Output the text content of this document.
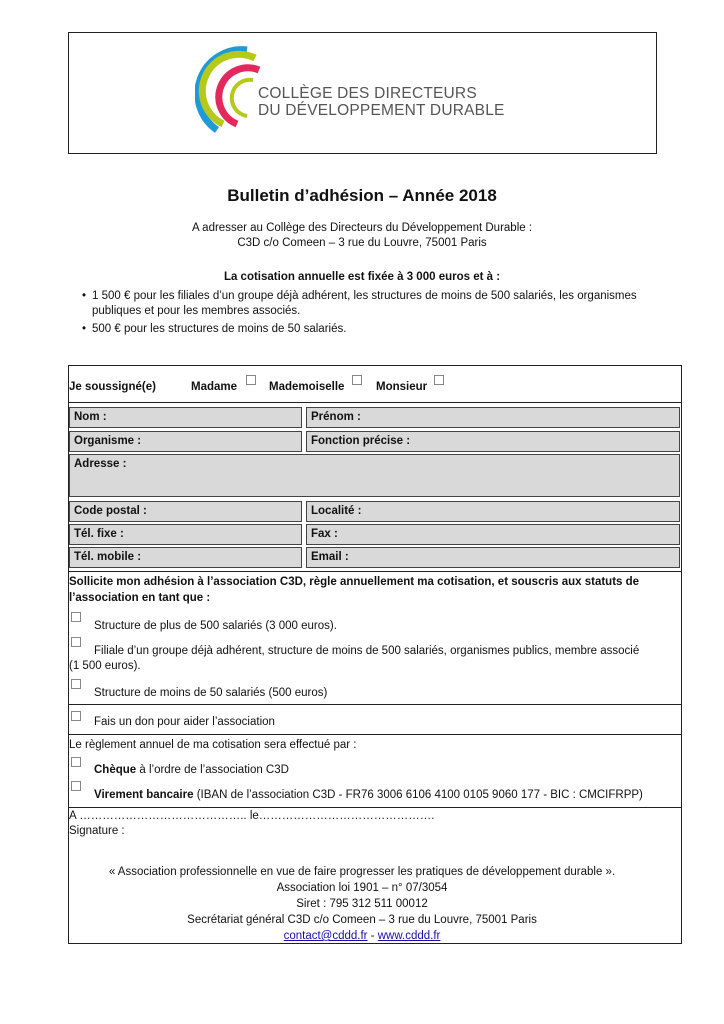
COLLÈGE DES DIRECTEURS
DU DÉVELOPPEMENT DURABLE
Bulletin d’adhésion – Année 2018
A adresser au Collège des Directeurs du Développement Durable :
C3D c/o Comeen – 3 rue du Louvre, 75001 Paris
La cotisation annuelle est fixée à 3 000 euros et à :
• 1 500 € pour les filiales d’un groupe déjà adhérent, les structures de moins de 500 salariés, les organismes publiques et pour les membres associés.
• 500 € pour les structures de moins de 50 salariés.
Je soussigné(e)	Madame	Mademoiselle	Monsieur
Nom :	Prénom :
Organisme :	Fonction précise :
Adresse :
Code postal :	Localité :
Tél. fixe :	Fax :
Tél. mobile :	Email :
Sollicite mon adhésion à l’association C3D, règle annuellement ma cotisation, et souscris aux statuts de
l’association en tant que :
Structure de plus de 500 salariés (3 000 euros).
Filiale d’un groupe déjà adhérent, structure de moins de 500 salariés, organismes publics, membre associé
(1 500 euros).
Structure de moins de 50 salariés (500 euros)
Fais un don pour aider l’association
Le règlement annuel de ma cotisation sera effectué par :
Chèque à l’ordre de l’association C3D
Virement bancaire (IBAN de l’association C3D - FR76 3006 6106 4100 0105 9060 177 - BIC : CMCIFRPP)
A …………………………………….. le……………………………………….
Signature :
« Association professionnelle en vue de faire progresser les pratiques de développement durable ».
Association loi 1901 – n° 07/3054
Siret : 795 312 511 00012
Secrétariat général C3D c/o Comeen – 3 rue du Louvre, 75001 Paris
contact@cddd.fr - www.cddd.fr
